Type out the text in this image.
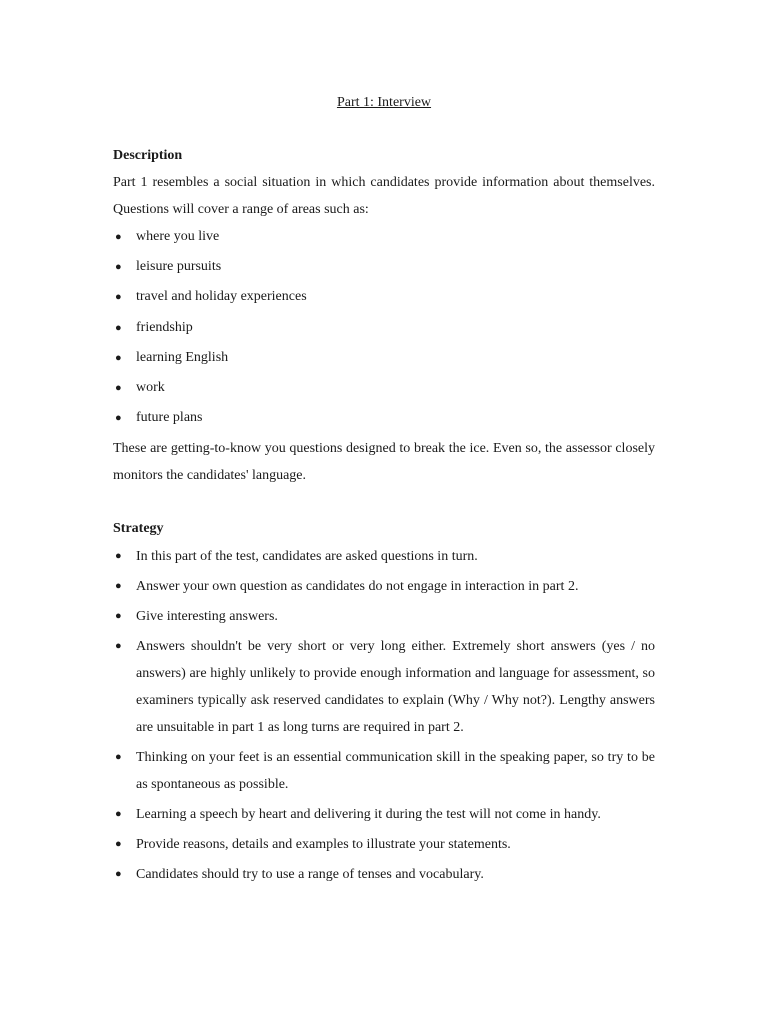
Part 1: Interview
Description
Part 1 resembles a social situation in which candidates provide information about themselves. Questions will cover a range of areas such as:
● where you live
● leisure pursuits
● travel and holiday experiences
● friendship
● learning English
● work
● future plans
These are getting-to-know you questions designed to break the ice. Even so, the assessor closely monitors the candidates' language.
Strategy
● In this part of the test, candidates are asked questions in turn.
● Answer your own question as candidates do not engage in interaction in part 2.
● Give interesting answers.
● Answers shouldn't be very short or very long either. Extremely short answers (yes / no answers) are highly unlikely to provide enough information and language for assessment, so examiners typically ask reserved candidates to explain (Why / Why not?). Lengthy answers are unsuitable in part 1 as long turns are required in part 2.
● Thinking on your feet is an essential communication skill in the speaking paper, so try to be as spontaneous as possible.
● Learning a speech by heart and delivering it during the test will not come in handy.
● Provide reasons, details and examples to illustrate your statements.
● Candidates should try to use a range of tenses and vocabulary.
